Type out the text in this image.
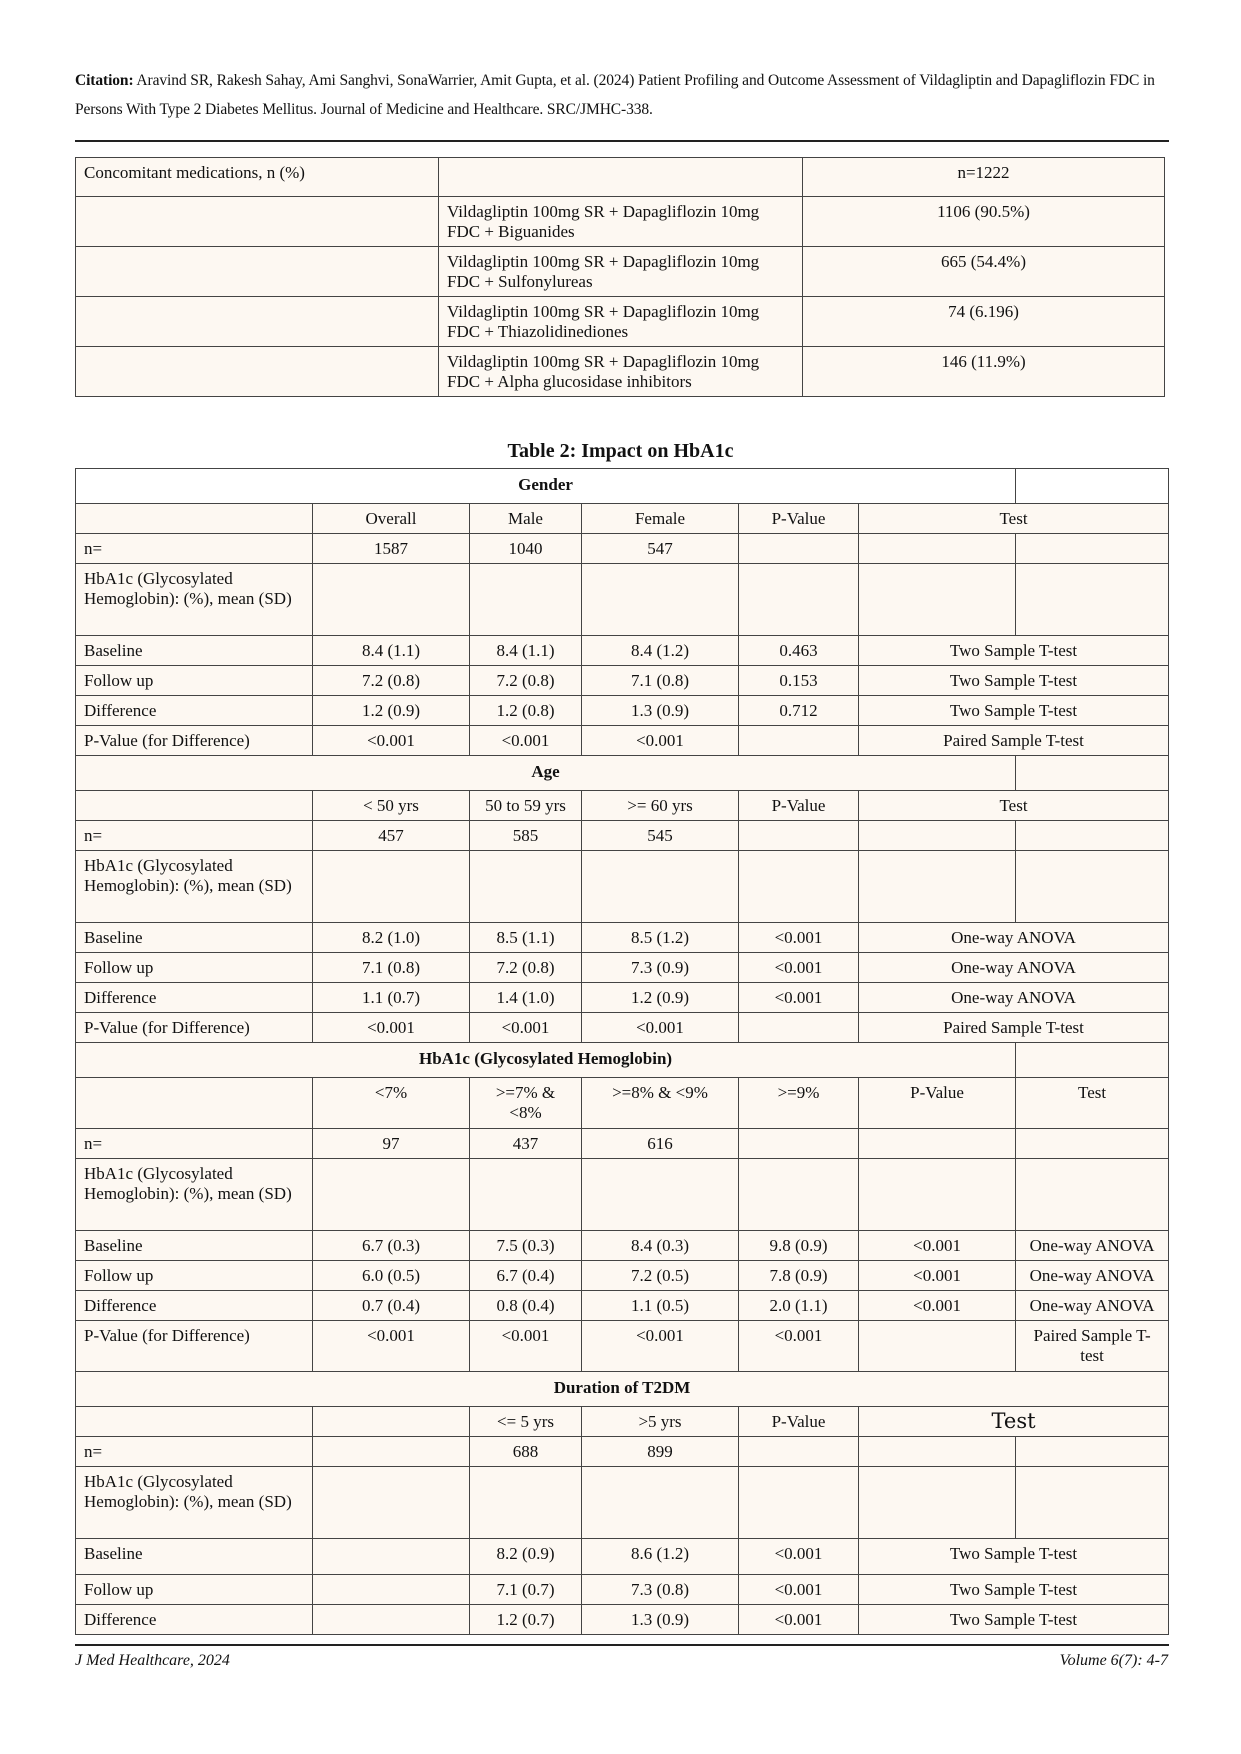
Citation: Aravind SR, Rakesh Sahay, Ami Sanghvi, SonaWarrier, Amit Gupta, et al. (2024) Patient Profiling and Outcome Assessment of Vildagliptin and Dapagliflozin FDC in Persons With Type 2 Diabetes Mellitus. Journal of Medicine and Healthcare. SRC/JMHC-338.
Concomitant medications, n (%)		n=1222
	Vildagliptin 100mg SR + Dapagliflozin 10mg FDC + Biguanides	1106 (90.5%)
	Vildagliptin 100mg SR + Dapagliflozin 10mg FDC + Sulfonylureas	665 (54.4%)
	Vildagliptin 100mg SR + Dapagliflozin 10mg FDC + Thiazolidinediones	74 (6.196)
	Vildagliptin 100mg SR + Dapagliflozin 10mg FDC + Alpha glucosidase inhibitors	146 (11.9%)
Table 2: Impact on HbA1c
Gender						
	Overall	Male	Female	P-Value	Test	
n=	1587	1040	547			
HbA1c (Glycosylated Hemoglobin): (%), mean (SD)						
Baseline	8.4 (1.1)	8.4 (1.1)	8.4 (1.2)	0.463	Two Sample T-test	
Follow up	7.2 (0.8)	7.2 (0.8)	7.1 (0.8)	0.153	Two Sample T-test	
Difference	1.2 (0.9)	1.2 (0.8)	1.3 (0.9)	0.712	Two Sample T-test	
P-Value (for Difference)	<0.001	<0.001	<0.001		Paired Sample T-test	
Age						
	< 50 yrs	50 to 59 yrs	>= 60 yrs	P-Value	Test	
n=	457	585	545			
HbA1c (Glycosylated Hemoglobin): (%), mean (SD)						
Baseline	8.2 (1.0)	8.5 (1.1)	8.5 (1.2)	<0.001	One-way ANOVA	
Follow up	7.1 (0.8)	7.2 (0.8)	7.3 (0.9)	<0.001	One-way ANOVA	
Difference	1.1 (0.7)	1.4 (1.0)	1.2 (0.9)	<0.001	One-way ANOVA	
P-Value (for Difference)	<0.001	<0.001	<0.001		Paired Sample T-test	
HbA1c (Glycosylated Hemoglobin)						
	<7%	>=7% & <8%	>=8% & <9%	>=9%	P-Value	Test
n=	97	437	616			
HbA1c (Glycosylated Hemoglobin): (%), mean (SD)						
Baseline	6.7 (0.3)	7.5 (0.3)	8.4 (0.3)	9.8 (0.9)	<0.001	One-way ANOVA
Follow up	6.0 (0.5)	6.7 (0.4)	7.2 (0.5)	7.8 (0.9)	<0.001	One-way ANOVA
Difference	0.7 (0.4)	0.8 (0.4)	1.1 (0.5)	2.0 (1.1)	<0.001	One-way ANOVA
P-Value (for Difference)	<0.001	<0.001	<0.001	<0.001		Paired Sample T-test
Duration of T2DM						
		<= 5 yrs	>5 yrs	P-Value	Test	
n=		688	899			
HbA1c (Glycosylated Hemoglobin): (%), mean (SD)						
Baseline		8.2 (0.9)	8.6 (1.2)	<0.001	Two Sample T-test	
Follow up		7.1 (0.7)	7.3 (0.8)	<0.001	Two Sample T-test	
Difference		1.2 (0.7)	1.3 (0.9)	<0.001	Two Sample T-test	
J Med Healthcare, 2024	Volume 6(7): 4-7
